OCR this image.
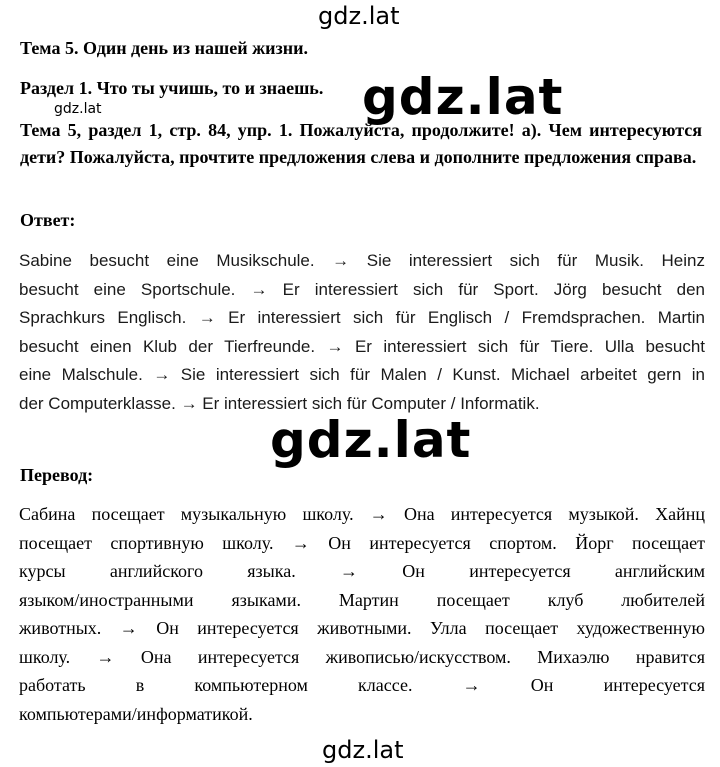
gdz.lat
Тема 5. Один день из нашей жизни.
Раздел 1. Что ты учишь, то и знаешь.
gdz.lat	gdz.lat
Тема 5, раздел 1, стр. 84, упр. 1. Пожалуйста, продолжите! а). Чем интересуются дети? Пожалуйста, прочтите предложения слева и дополните предложения справа.
Ответ:
Sabine besucht eine Musikschule. → Sie interessiert sich für Musik. Heinz
besucht eine Sportschule. → Er interessiert sich für Sport. Jörg besucht den
Sprachkurs Englisch. → Er interessiert sich für Englisch / Fremdsprachen. Martin
besucht einen Klub der Tierfreunde. → Er interessiert sich für Tiere. Ulla besucht
eine Malschule. → Sie interessiert sich für Malen / Kunst. Michael arbeitet gern in
der Computerklasse. → Er interessiert sich für Computer / Informatik.
gdz.lat
Перевод:
Сабина посещает музыкальную школу. → Она интересуется музыкой. Хайнц
посещает спортивную школу. → Он интересуется спортом. Йорг посещает
курсы английского языка. → Он интересуется английским
языком/иностранными языками. Мартин посещает клуб любителей
животных. → Он интересуется животными. Улла посещает художественную
школу. → Она интересуется живописью/искусством. Михаэлю нравится
работать в компьютерном классе. → Он интересуется
компьютерами/информатикой.
gdz.lat
